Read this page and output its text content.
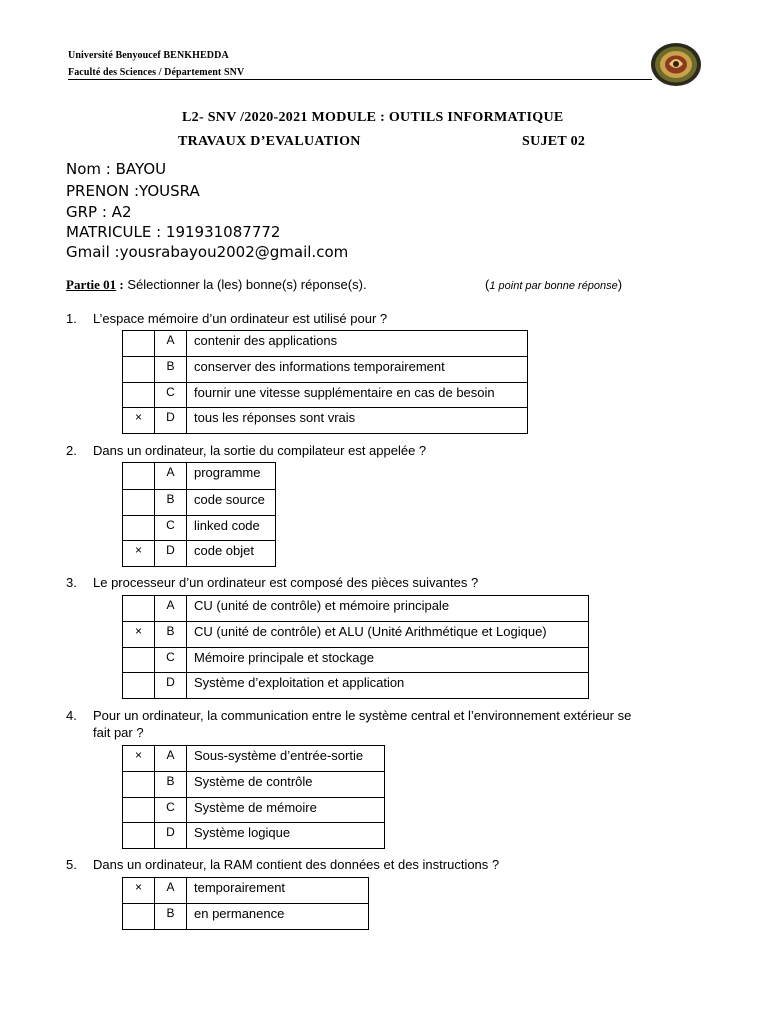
Université Benyoucef BENKHEDDA
Faculté des Sciences / Département SNV
L2- SNV /2020-2021 MODULE : OUTILS INFORMATIQUE
TRAVAUX D’EVALUATION	SUJET 02
Nom : BAYOU
PRENON :YOUSRA
GRP : A2
MATRICULE : 191931087772
Gmail :yousrabayou2002@gmail.com
Partie 01 : Sélectionner la (les) bonne(s) réponse(s).	(1 point par bonne réponse)
1. L’espace mémoire d’un ordinateur est utilisé pour ?
	A	contenir des applications
	B	conserver des informations temporairement
	C	fournir une vitesse supplémentaire en cas de besoin
×	D	tous les réponses sont vrais
2. Dans un ordinateur, la sortie du compilateur est appelée ?
	A	programme
	B	code source
	C	linked code
×	D	code objet
3. Le processeur d’un ordinateur est composé des pièces suivantes ?
	A	CU (unité de contrôle) et mémoire principale
×	B	CU (unité de contrôle) et ALU (Unité Arithmétique et Logique)
	C	Mémoire principale et stockage
	D	Système d’exploitation et application
4. Pour un ordinateur, la communication entre le système central et l’environnement extérieur se
fait par ?
×	A	Sous-système d’entrée-sortie
	B	Système de contrôle
	C	Système de mémoire
	D	Système logique
5. Dans un ordinateur, la RAM contient des données et des instructions ?
×	A	temporairement
	B	en permanence
